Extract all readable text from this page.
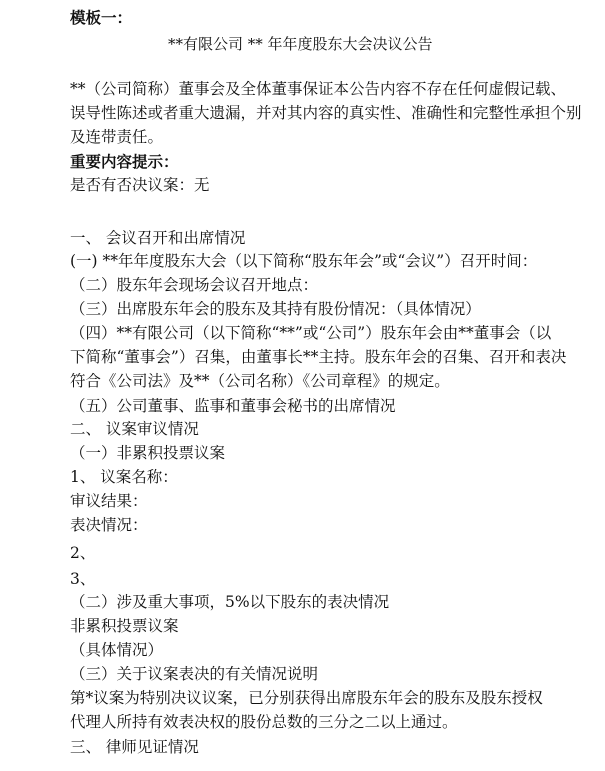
模板一：
**有限公司 ** 年年度股东大会决议公告
**（公司简称）董事会及全体董事保证本公告内容不存在任何虚假记载、
误导性陈述或者重大遗漏，并对其内容的真实性、准确性和完整性承担个别
及连带责任。
重要内容提示：
是否有否决议案：无
一、 会议召开和出席情况
(一) **年年度股东大会（以下简称“股东年会”或“会议”）召开时间：
（二）股东年会现场会议召开地点：
（三）出席股东年会的股东及其持有股份情况：（具体情况）
（四）**有限公司（以下简称“**”或“公司”）股东年会由**董事会（以
下简称“董事会”）召集，由董事长**主持。股东年会的召集、召开和表决
符合《公司法》及**（公司名称）《公司章程》的规定。
（五）公司董事、监事和董事会秘书的出席情况
二、 议案审议情况
（一）非累积投票议案
1、 议案名称：
审议结果：
表决情况：
2、
3、
（二）涉及重大事项，5%以下股东的表决情况
非累积投票议案
（具体情况）
（三）关于议案表决的有关情况说明
第*议案为特别决议议案，已分别获得出席股东年会的股东及股东授权
代理人所持有效表决权的股份总数的三分之二以上通过。
三、 律师见证情况
